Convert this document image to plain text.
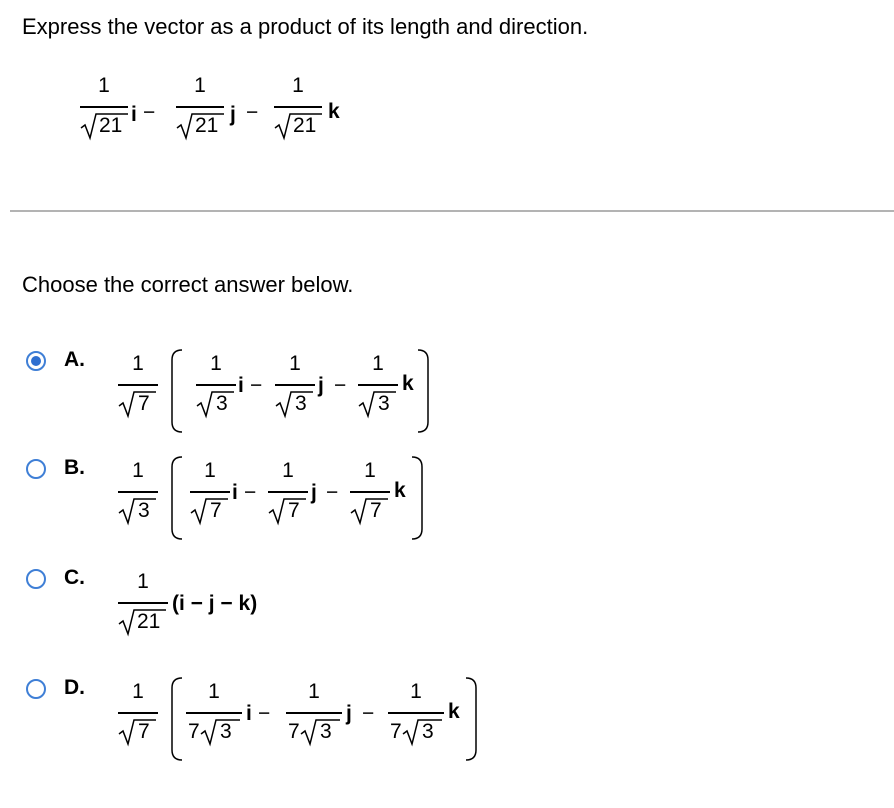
Express the vector as a product of its length and direction.
1
21 i −
1
21 j −
1
21
k
Choose the correct answer below.
A.	1
7
1
3
i −
1
3
j −
1
3
k
B.	1
3
1
7
i −
1
7
j −
1
7
k
C.	1
21
(i − j − k)
D.	1
7
1
7 3
i −
1
7 3
j −
1
7 3
k
